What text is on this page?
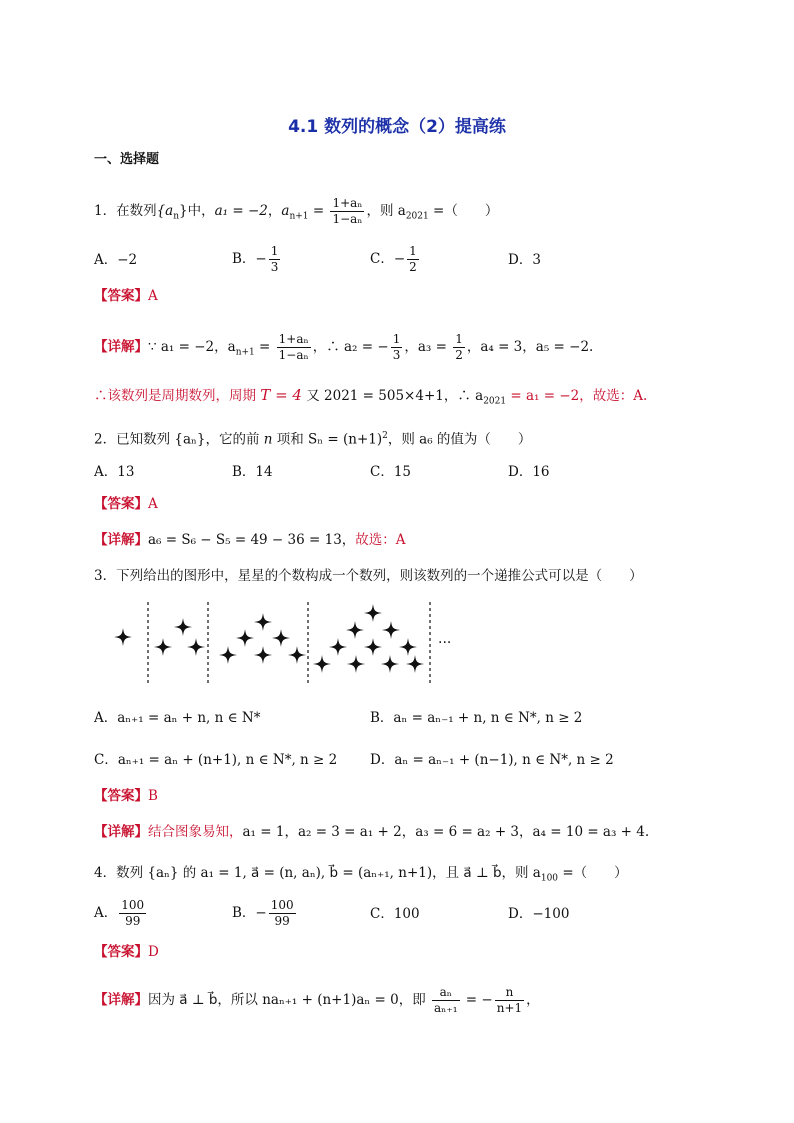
4.1 数列的概念（2）提高练
一、选择题
1．在数列$\{a_n\}$中，a₁ = −2，$a_{n+1} = \frac{\text{1+aₙ}}{\text{1−aₙ}}$ ，则 $a_{2021}$ =（　　）
A．−2	B．− $\frac{1}{3}$	C．− $\frac{1}{2}$	D．3
【答案】A
【详解】∵ a₁ = −2，$a_{n+1} = \frac{\text{1+aₙ}}{\text{1−aₙ}}$ ，∴ a₂ = − $\frac{1}{3}$ ，$a_3 = \frac{1}{2}$ ，a₄ = 3，a₅ = −2.
∴该数列是周期数列，周期 T = 4 又 2021 = 505×4+1，∴ $a_{2021} = a_1 = -2$，故选：A.
2．已知数列 {aₙ}，它的前 n 项和 $S_n = (n+1)^2$，则 a₆ 的值为（　　）
A．13	B．14	C．15	D．16
【答案】A
【详解】a₆ = S₆ − S₅ = 49 − 36 = 13，故选：A
3．下列给出的图形中，星星的个数构成一个数列，则该数列的一个递推公式可以是（　　）
···
A．aₙ₊₁ = aₙ + n, n ∈ N*	B．aₙ = aₙ₋₁ + n, n ∈ N*, n ≥ 2
C．aₙ₊₁ = aₙ + (n+1), n ∈ N*, n ≥ 2 D．aₙ = aₙ₋₁ + (n−1), n ∈ N*, n ≥ 2
【答案】B
【详解】结合图象易知，a₁ = 1，a₂ = 3 = a₁ + 2，a₃ = 6 = a₂ + 3，a₄ = 10 = a₃ + 4.
4．数列 {aₙ} 的 a₁ = 1, a⃗ = (n, aₙ), b⃗ = (aₙ₊₁, n+1)，且 a⃗ ⊥ b⃗，则 $a_{100}$ =（　　）
A． $\frac{100}{99}$	B．− $\frac{100}{99}$	C．100	D．−100
【答案】D
【详解】因为 a⃗ ⊥ b⃗，所以 naₙ₊₁ + (n+1)aₙ = 0，即 $\frac{\text{aₙ}}{\text{aₙ₊₁}}$ = − $\frac{n}{n+1}$ ，
